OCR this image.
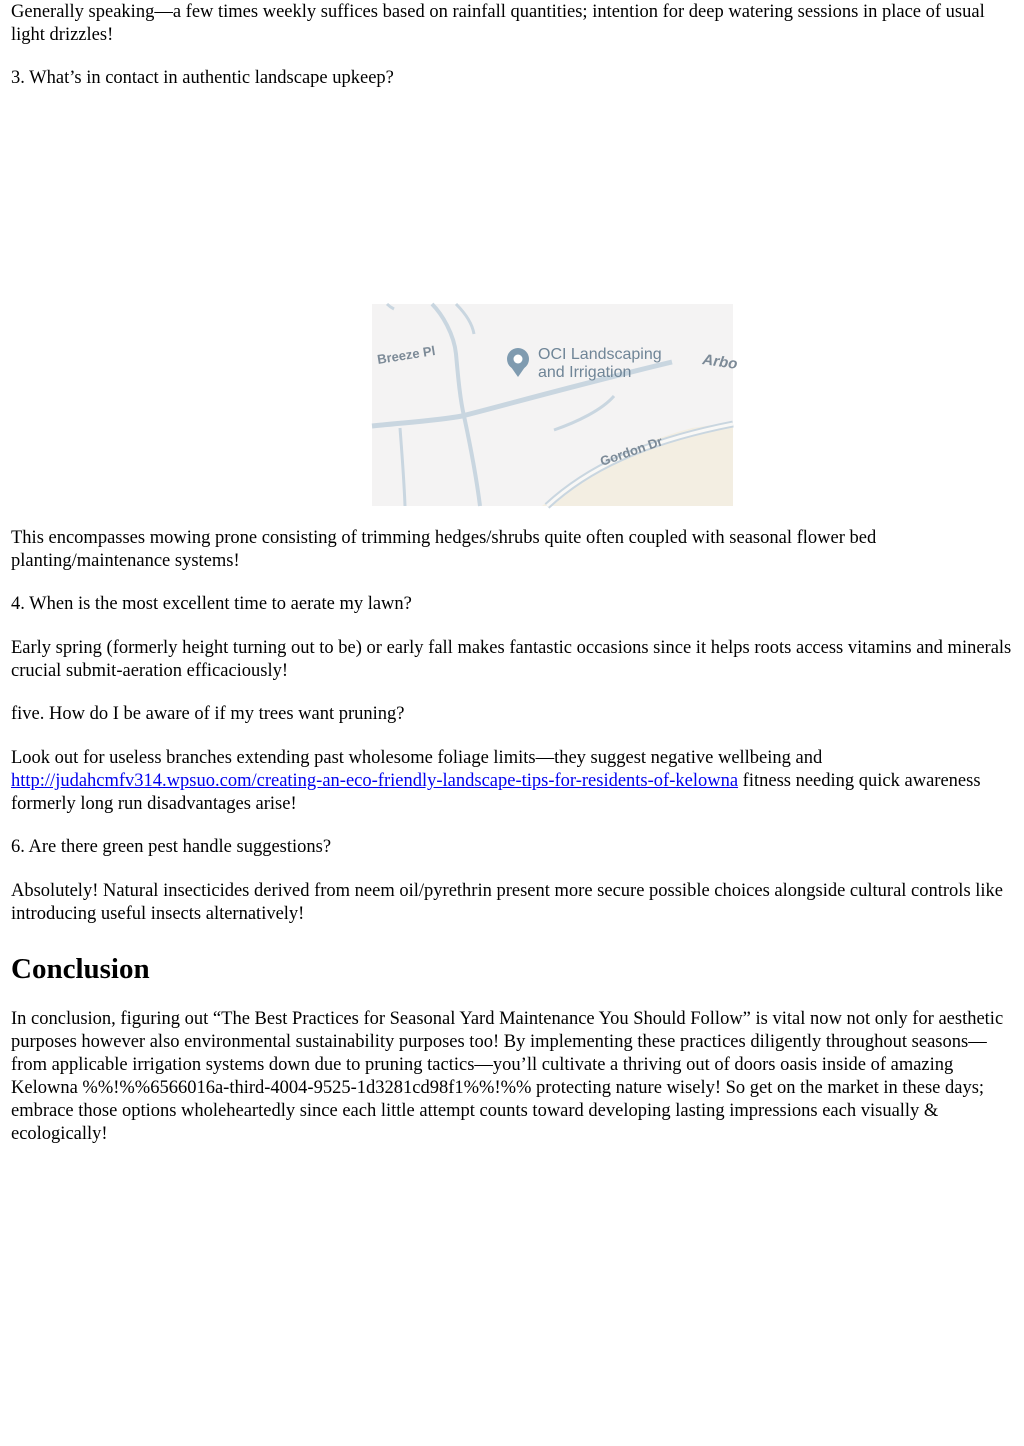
Generally speaking—a few times weekly suffices based on rainfall quantities; intention for deep watering sessions in place of usual light drizzles!

3. What’s in contact in authentic landscape upkeep?

OCI Landscaping
and Irrigation
Breeze Pl
Gordon Dr
Arbo

This encompasses mowing prone consisting of trimming hedges/shrubs quite often coupled with seasonal flower bed planting/maintenance systems!

4. When is the most excellent time to aerate my lawn?

Early spring (formerly height turning out to be) or early fall makes fantastic occasions since it helps roots access vitamins and minerals crucial submit-aeration efficaciously!

five. How do I be aware of if my trees want pruning?

Look out for useless branches extending past wholesome foliage limits—they suggest negative wellbeing and http://judahcmfv314.wpsuo.com/creating-an-eco-friendly-landscape-tips-for-residents-of-kelowna fitness needing quick awareness formerly long run disadvantages arise!

6. Are there green pest handle suggestions?

Absolutely! Natural insecticides derived from neem oil/pyrethrin present more secure possible choices alongside cultural controls like introducing useful insects alternatively!

Conclusion

In conclusion, figuring out “The Best Practices for Seasonal Yard Maintenance You Should Follow” is vital now not only for aesthetic purposes however also environmental sustainability purposes too! By implementing these practices diligently throughout seasons—from applicable irrigation systems down due to pruning tactics—you’ll cultivate a thriving out of doors oasis inside of amazing Kelowna %%!%%6566016a-third-4004-9525-1d3281cd98f1%%!%% protecting nature wisely! So get on the market in these days; embrace those options wholeheartedly since each little attempt counts toward developing lasting impressions each visually & ecologically!
